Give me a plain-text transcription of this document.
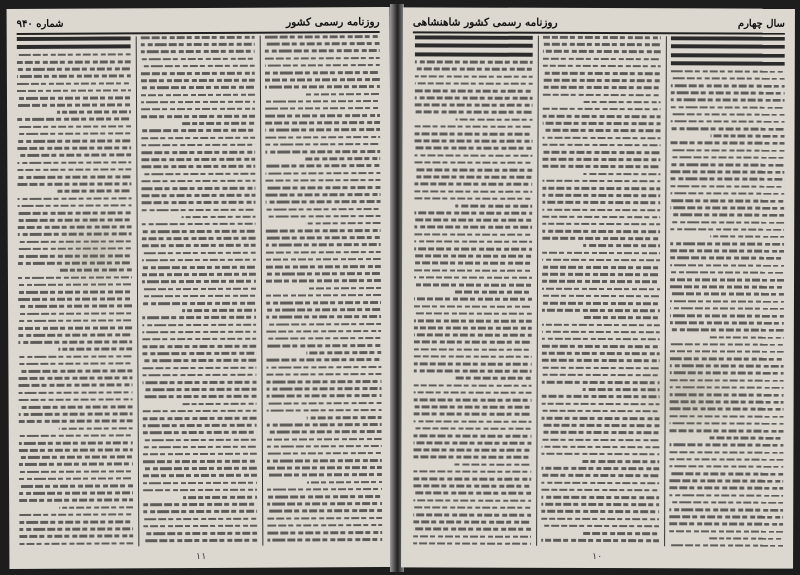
روزنامه رسمی کشور
شماره ۹۴۰
۱۱
سال چهارم
روزنامه رسمی کشور شاهنشاهی
۱۰
